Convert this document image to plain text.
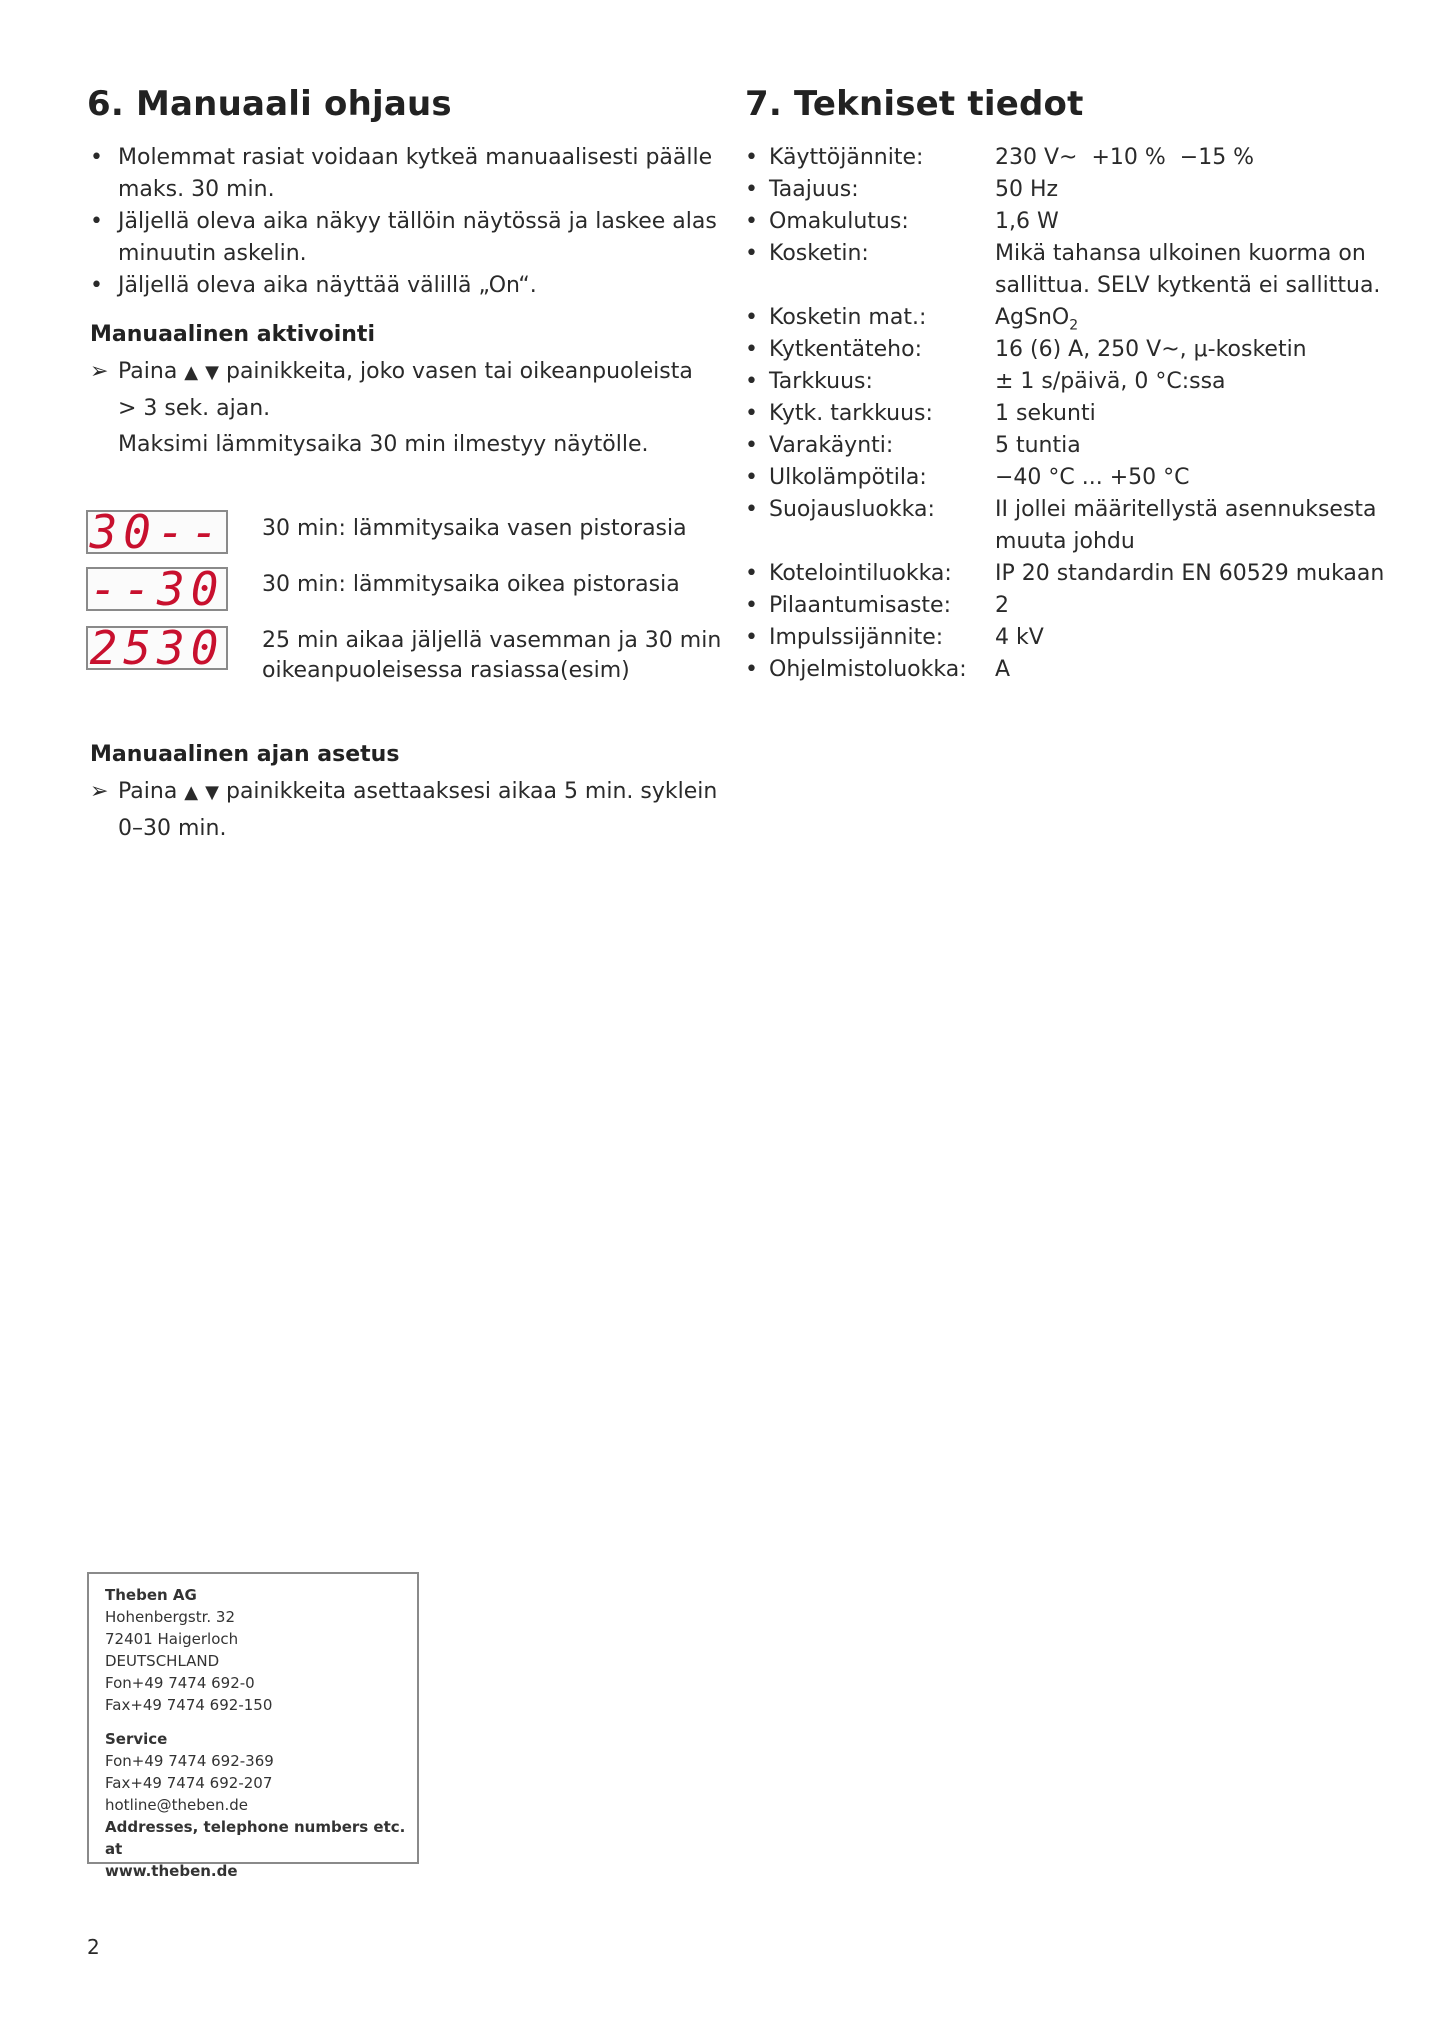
6. Manuaali ohjaus
• Molemmat rasiat voidaan kytkeä manuaalisesti päälle
maks. 30 min.
• Jäljellä oleva aika näkyy tällöin näytössä ja laskee alas
minuutin askelin.
• Jäljellä oleva aika näyttää välillä „On“.
Manuaalinen aktivointi
➢ Paina ▲ ▼ painikkeita, joko vasen tai oikeanpuoleista
> 3 sek. ajan.
Maksimi lämmitysaika 30 min ilmestyy näytölle.
30-- 30 min: lämmitysaika vasen pistorasia
--30 30 min: lämmitysaika oikea pistorasia
2530 25 min aikaa jäljellä vasemman ja 30 min
oikeanpuoleisessa rasiassa(esim)
Manuaalinen ajan asetus
➢ Paina ▲ ▼ painikkeita asettaaksesi aikaa 5 min. syklein
0–30 min.
7. Tekniset tiedot
• Käyttöjännite:	230 V~  +10 %  −15 %
• Taajuus:	50 Hz
• Omakulutus:	1,6 W
• Kosketin:	Mikä tahansa ulkoinen kuorma on
sallittua. SELV kytkentä ei sallittua.
• Kosketin mat.:	AgSnO$_2$
• Kytkentäteho:	16 (6) A, 250 V~, μ-kosketin
• Tarkkuus:	± 1 s/päivä, 0 °C:ssa
• Kytk. tarkkuus:	1 sekunti
• Varakäynti:	5 tuntia
• Ulkolämpötila:	−40 °C ... +50 °C
• Suojausluokka:	II jollei määritellystä asennuksesta
muuta johdu
• Kotelointiluokka:	IP 20 standardin EN 60529 mukaan
• Pilaantumisaste:	2
• Impulssijännite:	4 kV
• Ohjelmistoluokka:	A
Theben AG
Hohenbergstr. 32
72401 Haigerloch
DEUTSCHLAND
Fon+49 7474 692-0
Fax+49 7474 692-150
Service
Fon+49 7474 692-369
Fax+49 7474 692-207
hotline@theben.de
Addresses, telephone numbers etc. at
www.theben.de
2
